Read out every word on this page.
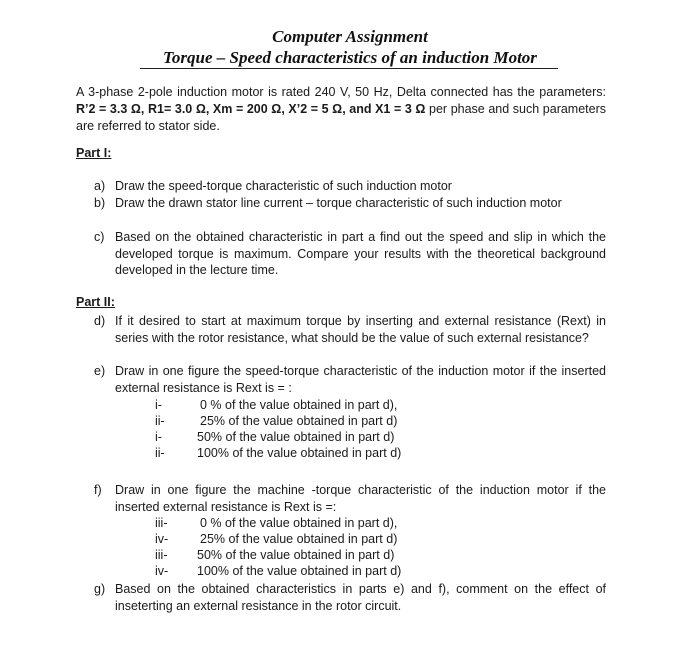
Computer Assignment
Torque – Speed characteristics of an induction Motor

A 3-phase 2-pole induction motor is rated 240 V, 50 Hz, Delta connected has the parameters: R’2 = 3.3 Ω, R1= 3.0 Ω, Xm = 200 Ω, X’2 = 5 Ω, and X1 = 3 Ω per phase and such parameters are referred to stator side.

Part I:

a) Draw the speed-torque characteristic of such induction motor
b) Draw the drawn stator line current – torque characteristic of such induction motor
c) Based on the obtained characteristic in part a find out the speed and slip in which the developed torque is maximum. Compare your results with the theoretical background developed in the lecture time.

Part II:

d) If it desired to start at maximum torque by inserting and external resistance (Rext) in series with the rotor resistance, what should be the value of such external resistance?
e) Draw in one figure the speed-torque characteristic of the induction motor if the inserted external resistance is Rext is = :
i-	0 % of the value obtained in part d),
ii-	25% of the value obtained in part d)
i-	50% of the value obtained in part d)
ii-	100% of the value obtained in part d)
f) Draw in one figure the machine -torque characteristic of the induction motor if the inserted external resistance is Rext is =:
iii-	0 % of the value obtained in part d),
iv-	25% of the value obtained in part d)
iii- 50% of the value obtained in part d)
iv- 100% of the value obtained in part d)
g) Based on the obtained characteristics in parts e) and f), comment on the effect of inseterting an external resistance in the rotor circuit.
